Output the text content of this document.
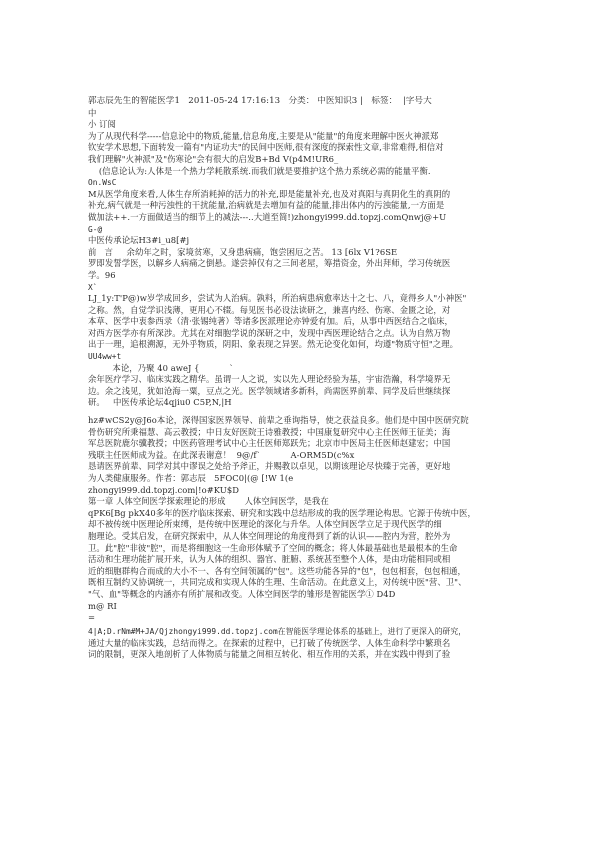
郭志辰先生的智能医学1   2011-05-24 17:16:13   分类： 中医知识3 |   标签：  |字号大
中
小 订阅
为了从现代科学-----信息论中的物质,能量,信息角度,主要是从"能量"的角度来理解中医火神派郑
钦安学术思想,下面转发一篇有"内证功夫"的民间中医师,很有深度的探索性文章,非常难得,相信对
我们理解"火神派"及"伤寒论"会有很大的启发B+Bd V(p4M!UR6_
(信息论认为:人体是一个热力学耗散系统.而我们就是要推护这个热力系统必需的能量平衡.
On.WsC
M从医学角度来看,人体生存所消耗掉的活力的补充,即是能量补充,也及对真阳与真阴化生的真阴的
补充,病气就是一种污浊性的干扰能量,治病就是去增加有益的能量,排出体内的污浊能量,一方面是
做加法++.一方面做适当的细节上的减法---..大道至简!)zhongyi999.dd.topzj.comQnwj@+U
G-@
中医传承论坛H3#i_u8[#j
前   言     余幼年之时，家境贫寒，又身患病痛，饱尝困厄之苦。 13 [6lx V1?6SE
罗即发誓学医，以解乡人病痛之倒悬。遂尝掉仅有之三间老屋，筹措资金，外出拜师，学习传统医
学。96
X`
LJ_1y:T'P@)w岁学成回乡，尝试为人治病。孰料，所治病患病愈率达十之七、八，竟得乡人"小神医"
之称。然，自觉学识浅薄，更用心不辍。每见医书必设法读研之，兼喜内经、伤寒、金匮之论，对
本草、医学中衷参西录（清·张锡纯著）等诸多医派理论亦钟爱有加。后，从事中西医结合之临床，
对西方医学亦有所深涉。尤其在对细胞学说的深研之中，发现中西医理论结合之点。认为自然万物
出于一理，追根溯源，无外乎物质，阴阳、象表现之异罢。然无论变化如何，均遵"物质守恒"之理。
UU4ww+t
本论，乃聚 40 aweJ {           `
余年医疗学习、临床实践之精华。虽谓一人之说，实以先人理论经验为基，宇宙浩瀚，科学境界无
边。余之浅见，犹如沧海一粟，豆点之光。医学领域诸多新科，尚需医界前辈、同学及后世继续探
研。   中医传承论坛4qjiu0 C5P,N,|H
hz#wCS2y@J6o本论，深得国家医界领导、前辈之垂询指导，使之获益良多。他们是中国中医研究院
骨伤研究所秉福慧、高云教授；中日友好医院王诗雅教授；中国康复研究中心主任医师王征美；海
军总医院鹿尔骥教授；中医药管理考试中心主任医师郑跃先；北京市中医局主任医师赵建宏；中国
残联主任医师成为益。在此深表谢意！  9@/f`           A-ORM5D(c%x
恳请医界前辈、同学对其中谬误之处给予斧正，并赐教以卓见，以期该理论尽快臻于完善，更好地
为人类健康服务。作者：郭志辰   5FOC0|(@ [!W 1(e
zhongyi999.dd.topzj.com|!o#KU$D
第一章 人体空间医学探索理论的形成       人体空间医学，是我在
qPK6[Bg pkX40多年的医疗临床探索、研究和实践中总结形成的我的医学理论构思。它源于传统中医，
却不被传统中医理论所束缚，是传统中医理论的深化与升华。人体空间医学立足于现代医学的细
胞理论。受其启发，在研究探索中，从人体空间理论的角度得到了新的认识——腔内为营，腔外为
卫。此"腔"非彼"腔"，而是将细胞这一生命形体赋予了空间的概念；将人体最基础也是最根本的生命
活动和生理功能扩展开来，认为人体的组织、器官、脏腑、系统甚至整个人体，是由功能相同或相
近的细胞群构合而成的大小不一、各有空间领属的"包"。这些功能各异的"包"，包包相套，包包相通，
既相互制约又协调统一，共同完成和实现人体的生理、生命活动。在此意义上，对传统中医"营、卫"、
"气、血"等概念的内涵亦有所扩展和改变。人体空间医学的雏形是智能医学① D4D
m@ RI
=
4|A;D.rNm#M+JA/Qjzhongyi999.dd.topzj.com在智能医学理论体系的基础上，进行了更深入的研究，
通过大量的临床实践，总结而得之。在探索的过程中，已打破了传统医学、人体生命科学中繁琐名
词的限制，更深入地剖析了人体物质与能量之间相互转化、相互作用的关系，并在实践中得到了验
